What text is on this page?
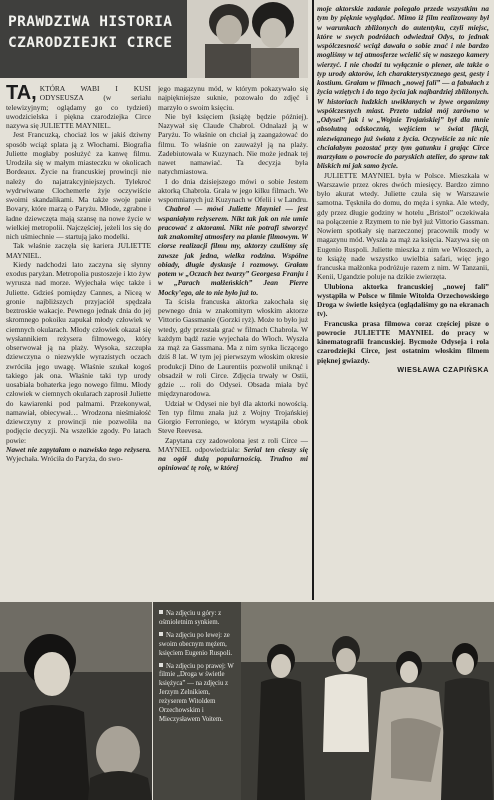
PRAWDZIWA HISTORIA
CZARODZIEJKI CIRCE

TA, KTÓRA WABI I KUSI ODYSEUSZA (w serialu telewizyjnym; oglądamy go co tydzień) uwodzicielska i piękna czarodziejka Circe nazywa się JULIETTE MAYNIEL.

Jest Francuzką, chociaż los w jakiś dziwny sposób wciąż splata ją z Włochami. Biografia Juliette mogłaby posłużyć za kanwę filmu. Urodziła się w małym miasteczku w okolicach Bordeaux. Życie na francuskiej prowincji nie należy do najatrakcyjniejszych. Tylekroć wydrwiwane Clochemerle żyje oczywiście swoimi skandalikami. Ma także swoje panie Bovary, które marzą o Paryżu. Młode, zgrabne i ładne dziewczęta mają szansę na nowe życie w wielkiej metropolii. Najczęściej, jeżeli los się do nich uśmiechnie — startują jako modelki.

Tak właśnie zaczęła się kariera JULIETTE MAYNIEL.

Kiedy nadchodzi lato zaczyna się słynny exodus paryżan. Metropolia pustoszeje i kto żyw wyrusza nad morze. Wyjechała więc także i Juliette. Gdzieś pomiędzy Cannes, a Niceą w gronie najbliższych przyjaciół spędzała beztroskie wakacje. Pewnego jednak dnia do jej skromnego pokoiku zapukał młody człowiek w ciemnych okularach. Młody człowiek okazał się wysłannikiem reżysera filmowego, który obserwował ją na plaży. Wysoka, szczupła dziewczyna o niezwykle wyrazistych oczach zwróciła jego uwagę. Właśnie szukał kogoś takiego jak ona. Właśnie taki typ urody uosabiała bohaterka jego nowego filmu. Młody człowiek w ciemnych okularach zaprosił Juliette do kawiarenki pod palmami. Przekonywał, namawiał, obiecywał… Wrodzona nieśmiałość dziewczyny z prowincji nie pozwoliła na podjęcie decyzji. Na wszelkie zgody. Po latach powie:

Nawet nie zapytałam o nazwisko tego reżysera. Wyjechała. Wróciła do Paryża, do swo-

jego magazynu mód, w którym pokazywało się najpiękniejsze suknie, pozowało do zdjęć i marzyło o swoim księciu.

Nie był księciem (książę będzie później). Nazywał się Claude Chabrol. Odnalazł ją w Paryżu. To właśnie on chciał ją zaangażować do filmu. To właśnie on zauważył ją na plaży. Zadebiutowała w Kuzynach. Nie może jednak tej nawet namawiać. Ta decyzja była natychmiastowa.

I do dnia dzisiejszego mówi o sobie Jestem aktorką Chabrola. Grała w jego kilku filmach. We wspomnianych już Kuzynach w Ofelii i w Landru.

Chabrol — mówi Juliette Mayniel — jest wspaniałym reżyserem. Nikt tak jak on nie umie pracować z aktorami. Nikt nie potrafi stworzyć tak znakomitej atmosfery na planie filmowym. W ciorse realizacji filmu my, aktorzy czuliśmy się zawsze jak jedna, wielka rodzina. Wspólne obiady, długie dyskusje i rozmowy. Grałam potem w „Oczach bez twarzy” Georgesa Franju i w „Parach małżeńskich” Jean Pierre Mocky’ego, ale to nie było już to.

Ta ścisła francuska aktorka zakochała się pewnego dnia w znakomitym włoskim aktorze Vittorio Gassmanie (Gorzki ryż). Może to było już wtedy, gdy przestała grać w filmach Chabrola. W każdym bądź razie wyjechała do Włoch. Wyszła za mąż za Gassmana. Ma z nim synka liczącego dziś 8 lat. W tym jej pierwszym włoskim okresie produkcji Dino de Laurentiis pozwolił uniknąć i obsadził w roli Circe. Zdjęcia trwały w Ostii, gdzie ... roli do Odysei. Obsada miała być międzynarodowa.

Udział w Odysei nie był dla aktorki nowością. Ten typ filmu znała już z Wojny Trojańskiej Giorgio Ferroniego, w którym wystąpiła obok Steve Reevesa.

Zapytana czy zadowolona jest z roli Circe — MAYNIEL odpowiedziała: Serial ten cieszy się na ogół dużą popularnością. Trudno mi opiniować tę rolę, w której

moje aktorskie zadanie polegało przede wszystkim na tym by pięknie wyglądać. Mimo iż film realizowany był w warunkach zbliżonych do autentyku, czyli miejsc, które w swych podróżach odwiedzał Odys, to jednak wspólczesność wciąż dawała o sobie znać i nie bardzo mogliśmy w tej atmosferze wcielić się w naszego kamery wierzyć. I nie chodzi tu wyłącznie o plener, ale także o typ urody aktorów, ich charakterystycznego gest, gesty i kostium. Grałam w filmach „nowej fali” — a fabułach z życia wziętych i do tego życia jak najbardziej zbliżonych. W historiach ludzkich uwikłanych w żywe organizmy współczesnych miast. Przeto udział mój zarówno w „Odysei” jak i w „Wojnie Trojańskiej” był dla mnie absolutną odskocznią, wejściem w świat fikcji, niezwiązanego już świata z życia. Oczywiście za nic nie chciałabym pozostać przy tym gatunku i grając Circe marzyłam o powrocie do paryskich atelier, do spraw tak bliskich mi jak samo życie.

JULIETTE MAYNIEL była w Polsce. Mieszkała w Warszawie przez okres dwóch miesięcy. Bardzo zimno było akurat wtedy. Juliette czuła się w Warszawie samotna. Tęskniła do domu, do męża i synka. Ale wtedy, gdy przez długie godziny w hotelu „Bristol” oczekiwała na połączenie z Rzymem to nie był już Vittorio Gassman. Nowiem spotkały się narzeczonej pracownik mody w magazynu mód. Wyszła za mąż za księcia. Nazywa się on Eugenio Ruspoli. Juliette mieszka z nim we Włoszech, a te książę nade wszystko uwielbia safari, więc jego francuska małżonka podróżuje razem z nim. W Tanzanii, Kenii, Ugandzie poluje na dzikie zwierzęta.

Ulubiona aktorka francuskiej „nowej fali” wystąpiła w Polsce w filmie Witolda Orzechowskiego Droga w świetle księżyca (oglądaliśmy go na ekranach tv).

Francuska prasa filmowa coraz częściej pisze o powrocie JULIETTE MAYNIEL do pracy w kinematografii francuskiej. Bycmoże Odyseja i rola czarodziejki Circe, jest ostatnim włoskim filmem pięknej gwiazdy.

WIESŁAWA CZAPIŃSKA
Na zdjęciu u góry: z ośmioletnim synkiem.
Na zdjęciu po lewej: ze swoim obecnym mężem, księciem Eugenio Ruspoli.
Na zdjęciu po prawej: W filmie „Droga w świetle księżyca” — na zdjęciu z Jerzym Zelnikiem, reżyserem Witoldem Orzechowskim i Mieczysławem Voitem.
